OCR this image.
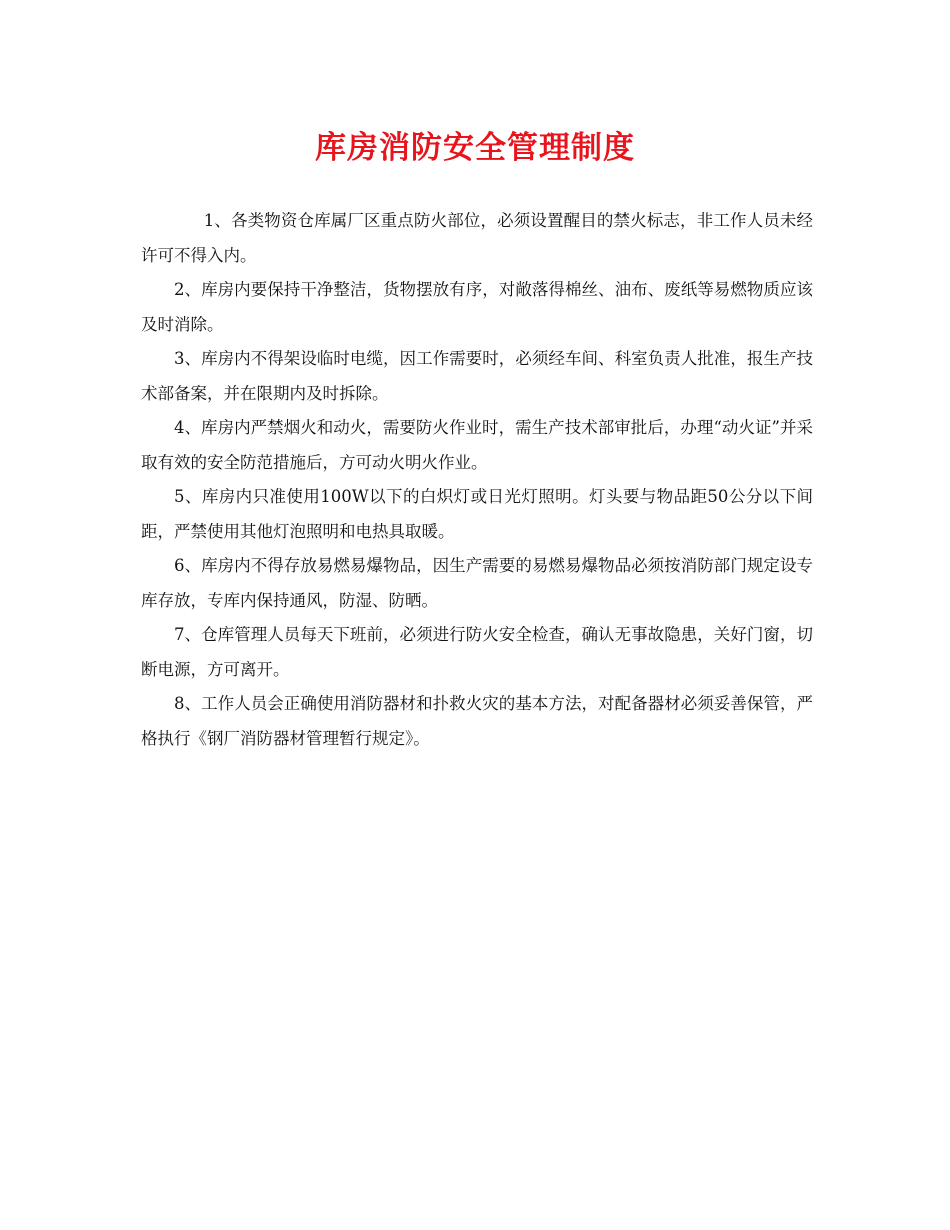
库房消防安全管理制度

1、各类物资仓库属厂区重点防火部位，必须设置醒目的禁火标志，非工作人员未经许可不得入内。

2、库房内要保持干净整洁，货物摆放有序，对敞落得棉丝、油布、废纸等易燃物质应该及时消除。

3、库房内不得架设临时电缆，因工作需要时，必须经车间、科室负责人批准，报生产技术部备案，并在限期内及时拆除。

4、库房内严禁烟火和动火，需要防火作业时，需生产技术部审批后，办理“动火证”并采取有效的安全防范措施后，方可动火明火作业。

5、库房内只准使用100W以下的白炽灯或日光灯照明。灯头要与物品距50公分以下间距，严禁使用其他灯泡照明和电热具取暖。

6、库房内不得存放易燃易爆物品，因生产需要的易燃易爆物品必须按消防部门规定设专库存放，专库内保持通风，防湿、防晒。

7、仓库管理人员每天下班前，必须进行防火安全检查，确认无事故隐患，关好门窗，切断电源，方可离开。

8、工作人员会正确使用消防器材和扑救火灾的基本方法，对配备器材必须妥善保管，严格执行《钢厂消防器材管理暂行规定》。
